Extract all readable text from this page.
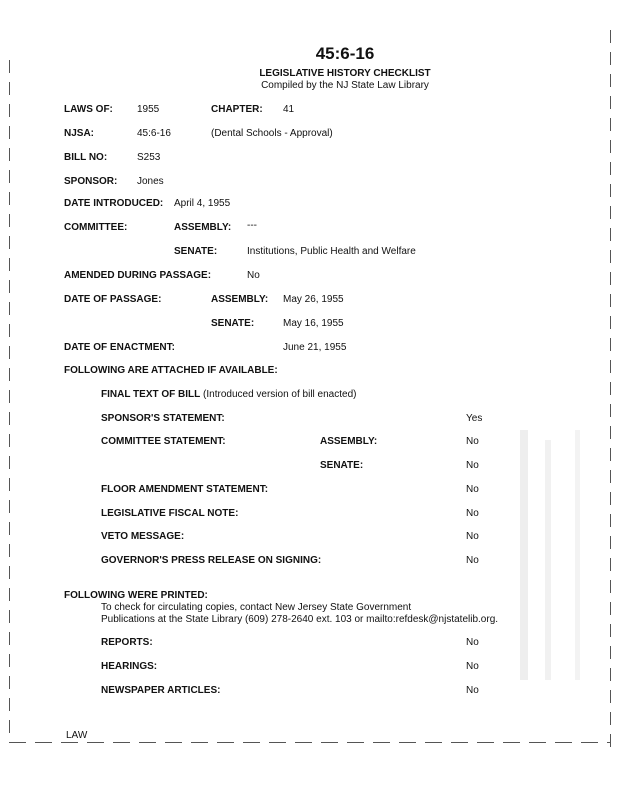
45:6-16
LEGISLATIVE HISTORY CHECKLIST
Compiled by the NJ State Law Library
LAWS OF: 1955	CHAPTER: 41
NJSA:	45:6-16	(Dental Schools - Approval)
BILL NO:	S253
SPONSOR: Jones
DATE INTRODUCED: April 4, 1955
COMMITTEE:	ASSEMBLY: ---
SENATE:	Institutions, Public Health and Welfare
AMENDED DURING PASSAGE:	No
DATE OF PASSAGE:	ASSEMBLY: May 26, 1955
SENATE:	May 16, 1955
DATE OF ENACTMENT:	June 21, 1955
FOLLOWING ARE ATTACHED IF AVAILABLE:
FINAL TEXT OF BILL (Introduced version of bill enacted)
SPONSOR'S STATEMENT:	Yes
COMMITTEE STATEMENT:	ASSEMBLY:	No
SENATE:	No
FLOOR AMENDMENT STATEMENT:	No
LEGISLATIVE FISCAL NOTE:	No
VETO MESSAGE:	No
GOVERNOR'S PRESS RELEASE ON SIGNING:	No
FOLLOWING WERE PRINTED:
To check for circulating copies, contact New Jersey State Government
Publications at the State Library (609) 278-2640 ext. 103 or mailto:refdesk@njstatelib.org.
REPORTS:	No
HEARINGS:	No
NEWSPAPER ARTICLES:	No
LAW
